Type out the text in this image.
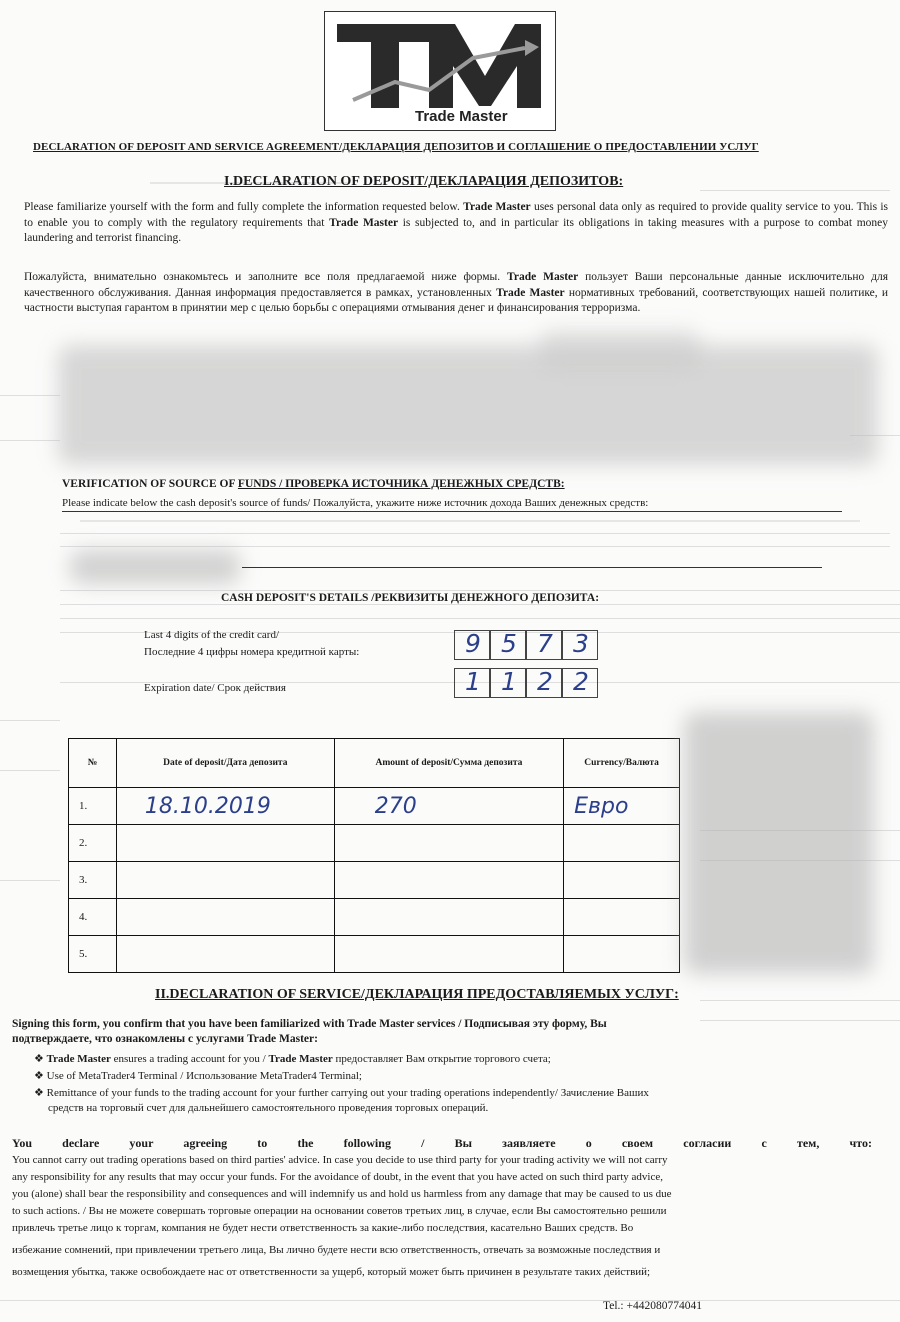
Trade Master
DECLARATION OF DEPOSIT AND SERVICE AGREEMENT/ДЕКЛАРАЦИЯ ДЕПОЗИТОВ И СОГЛАШЕНИЕ О ПРЕДОСТАВЛЕНИИ УСЛУГ
I.DECLARATION OF DEPOSIT/ДЕКЛАРАЦИЯ ДЕПОЗИТОВ:
Please familiarize yourself with the form and fully complete the information requested below. Trade Master uses personal data only as required to provide quality service to you. This is to enable you to comply with the regulatory requirements that Trade Master is subjected to, and in particular its obligations in taking measures with a purpose to combat money laundering and terrorist financing.
Пожалуйста, внимательно ознакомьтесь и заполните все поля предлагаемой ниже формы. Trade Master пользует Ваши персональные данные исключительно для качественного обслуживания. Данная информация предоставляется в рамках, установленных Trade Master нормативных требований, соответствующих нашей политике, и частности выступая гарантом в принятии мер с целью борьбы с операциями отмывания денег и финансирования терроризма.
VERIFICATION OF SOURCE OF FUNDS / ПРОВЕРКА ИСТОЧНИКА ДЕНЕЖНЫХ СРЕДСТВ:
Please indicate below the cash deposit's source of funds/ Пожалуйста, укажите ниже источник дохода Ваших денежных средств:
CASH DEPOSIT'S DETAILS /РЕКВИЗИТЫ ДЕНЕЖНОГО ДЕПОЗИТА:
Last 4 digits of the credit card/
Последние 4 цифры номера кредитной карты:	9 5 7 3
Expiration date/ Срок действия	1 1 2 2
№	Date of deposit/Дата депозита	Amount of deposit/Сумма депозита	Currency/Валюта
1.	18.10.2019	270	Евро
2.			
3.			
4.			
5.			
II.DECLARATION OF SERVICE/ДЕКЛАРАЦИЯ ПРЕДОСТАВЛЯЕМЫХ УСЛУГ:
Signing this form, you confirm that you have been familiarized with Trade Master services / Подписывая эту форму, Вы
подтверждаете, что ознакомлены с услугами Trade Master:
❖ Trade Master ensures a trading account for you / Trade Master предоставляет Вам открытие торгового счета;
❖ Use of MetaTrader4 Terminal / Использование MetaTrader4 Terminal;
❖ Remittance of your funds to the trading account for your further carrying out your trading operations independently/ Зачисление Ваших
средств на торговый счет для дальнейшего самостоятельного проведения торговых операций.
You declare your agreeing to the following / Вы заявляете о своем согласии с тем, что:
You cannot carry out trading operations based on third parties' advice. In case you decide to use third party for your trading activity we will not carry
any responsibility for any results that may occur your funds. For the avoidance of doubt, in the event that you have acted on such third party advice,
you (alone) shall bear the responsibility and consequences and will indemnify us and hold us harmless from any damage that may be caused to us due
to such actions. / Вы не можете совершать торговые операции на основании советов третьих лиц, в случае, если Вы самостоятельно решили
привлечь третье лицо к торгам, компания не будет нести ответственность за какие-либо последствия, касательно Ваших средств. Во
избежание сомнений, при привлечении третьего лица, Вы лично будете нести всю ответственность, отвечать за возможные последствия и
возмещения убытка, также освобождаете нас от ответственности за ущерб, который может быть причинен в результате таких действий;
Tel.: +442080774041
